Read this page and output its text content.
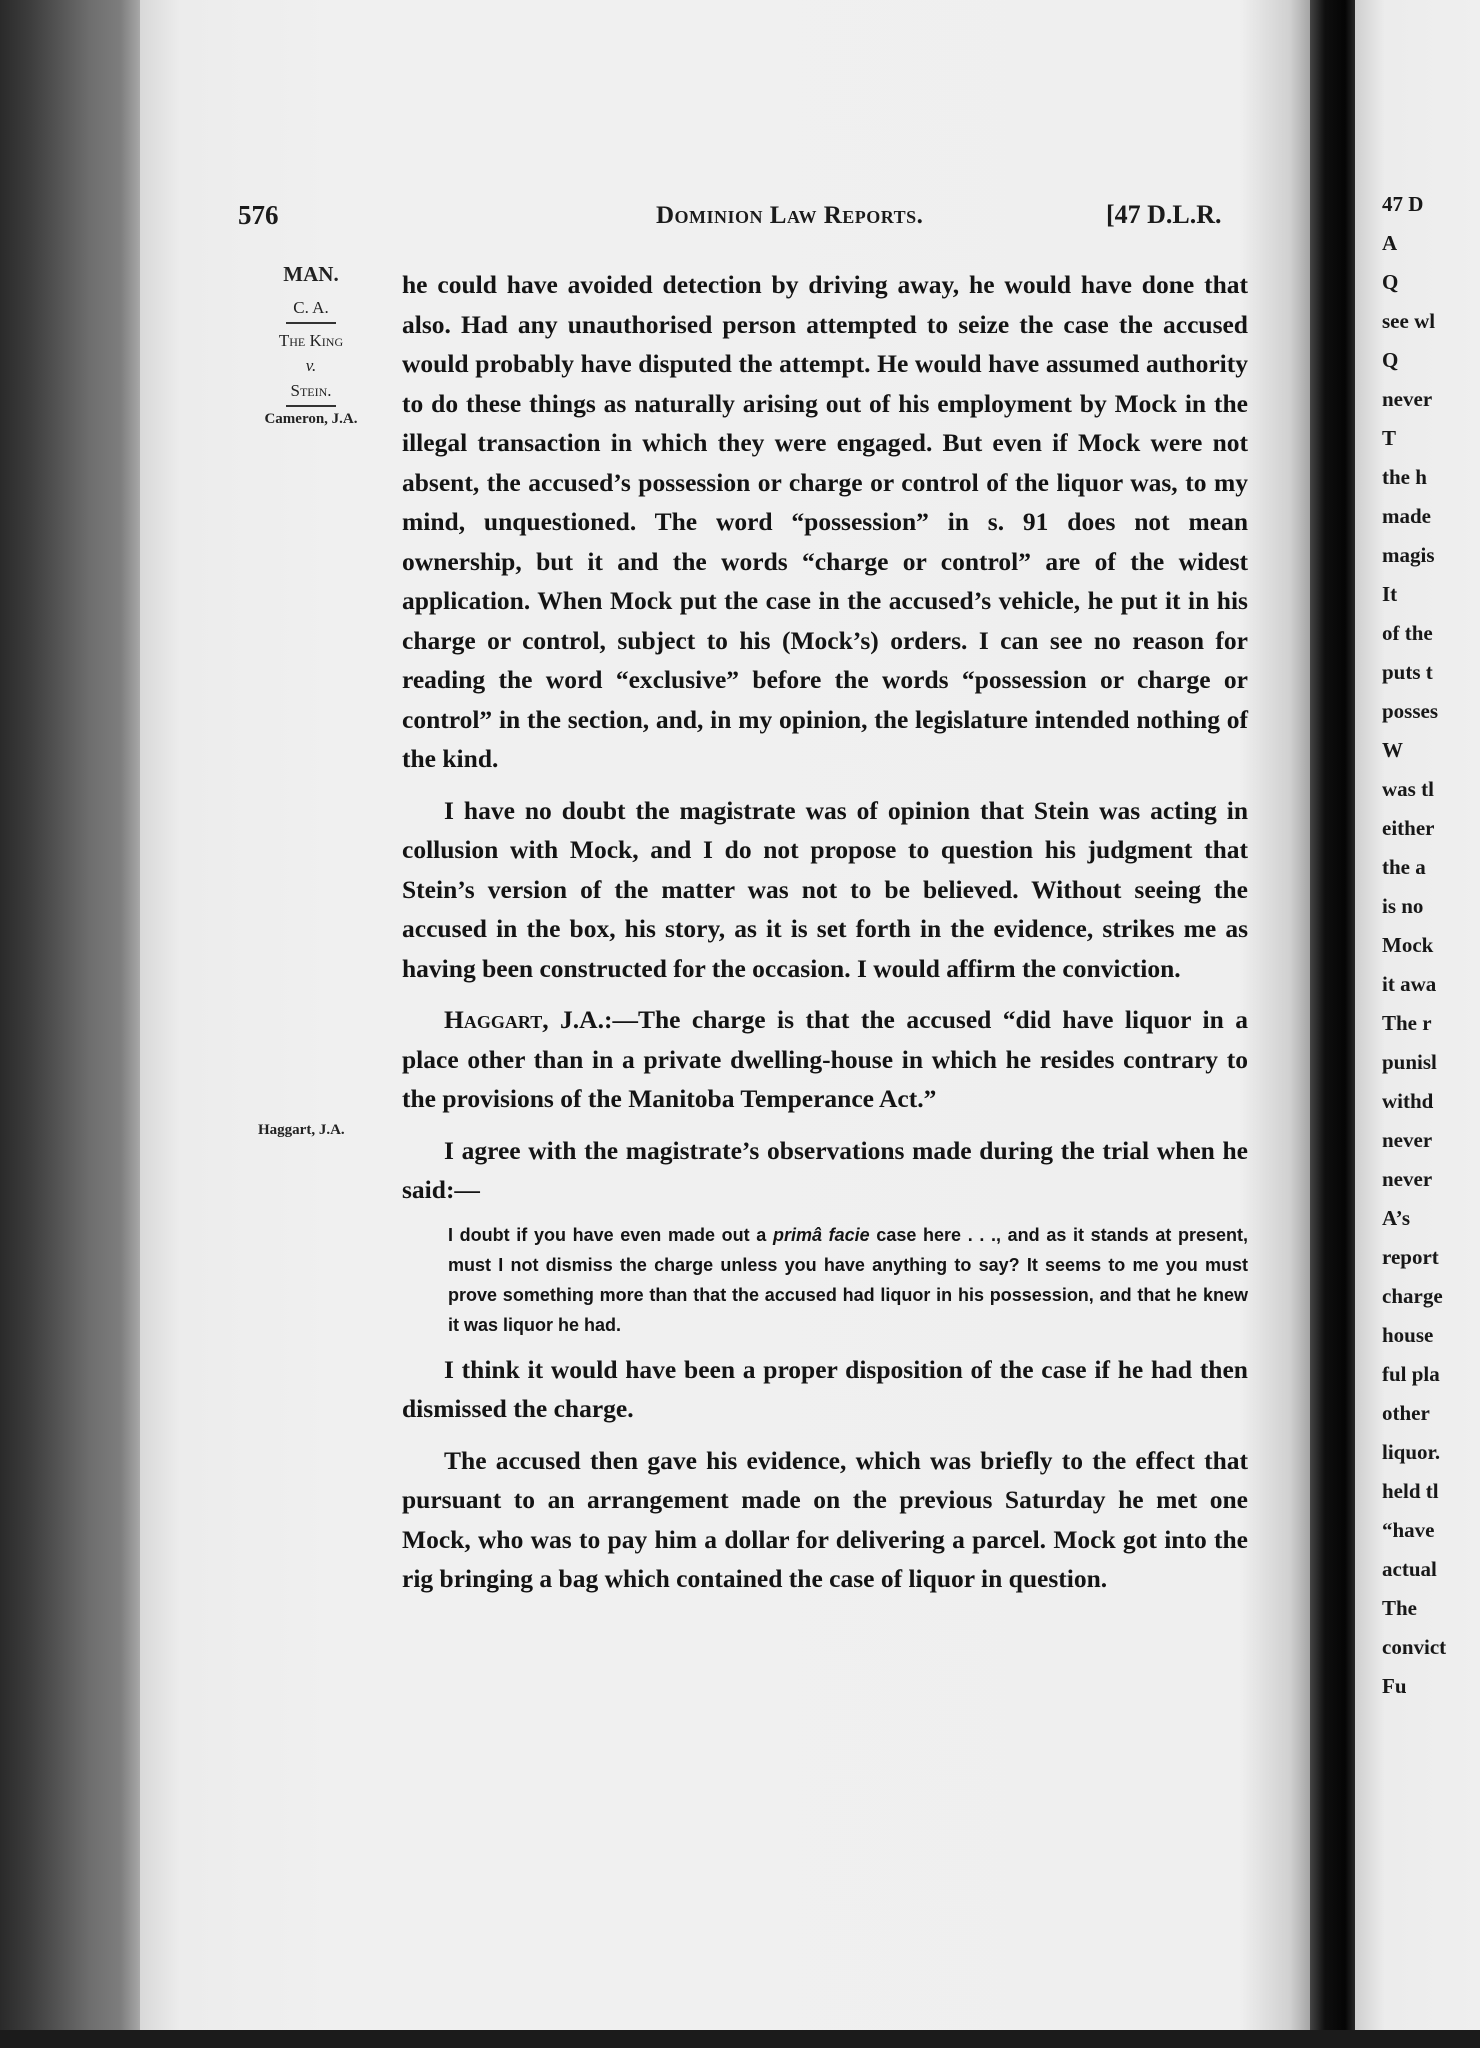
576	Dominion Law Reports.	[47 D.L.R.
MAN.
C. A.
The King
v.
Stein.
Cameron, J.A.
Haggart, J.A.

he could have avoided detection by driving away, he would have done that also. Had any unauthorised person attempted to seize the case the accused would probably have disputed the attempt. He would have assumed authority to do these things as naturally arising out of his employment by Mock in the illegal transaction in which they were engaged. But even if Mock were not absent, the accused’s possession or charge or control of the liquor was, to my mind, unquestioned. The word “possession” in s. 91 does not mean ownership, but it and the words “charge or control” are of the widest application. When Mock put the case in the accused’s vehicle, he put it in his charge or control, subject to his (Mock’s) orders. I can see no reason for reading the word “exclusive” before the words “possession or charge or control” in the section, and, in my opinion, the legislature intended nothing of the kind.

I have no doubt the magistrate was of opinion that Stein was acting in collusion with Mock, and I do not propose to question his judgment that Stein’s version of the matter was not to be believed. Without seeing the accused in the box, his story, as it is set forth in the evidence, strikes me as having been constructed for the occasion. I would affirm the conviction.

Haggart, J.A.:—The charge is that the accused “did have liquor in a place other than in a private dwelling-house in which he resides contrary to the provisions of the Manitoba Temperance Act.”

I agree with the magistrate’s observations made during the trial when he said:—

I doubt if you have even made out a primâ facie case here . . ., and as it stands at present, must I not dismiss the charge unless you have anything to say? It seems to me you must prove something more than that the accused had liquor in his possession, and that he knew it was liquor he had.

I think it would have been a proper disposition of the case if he had then dismissed the charge.

The accused then gave his evidence, which was briefly to the effect that pursuant to an arrangement made on the previous Saturday he met one Mock, who was to pay him a dollar for delivering a parcel. Mock got into the rig bringing a bag which contained the case of liquor in question.

47 D
A
Q
see wl
Q
never
T
the h
made
magis
It
of the
puts t
posses
W
was tl
either
the a
is no
Mock
it awa
The r
punisl
withd
never
never
A’s
report
charge
house
ful pla
other
liquor.
held tl
“have
actual
The
convict
Fu
